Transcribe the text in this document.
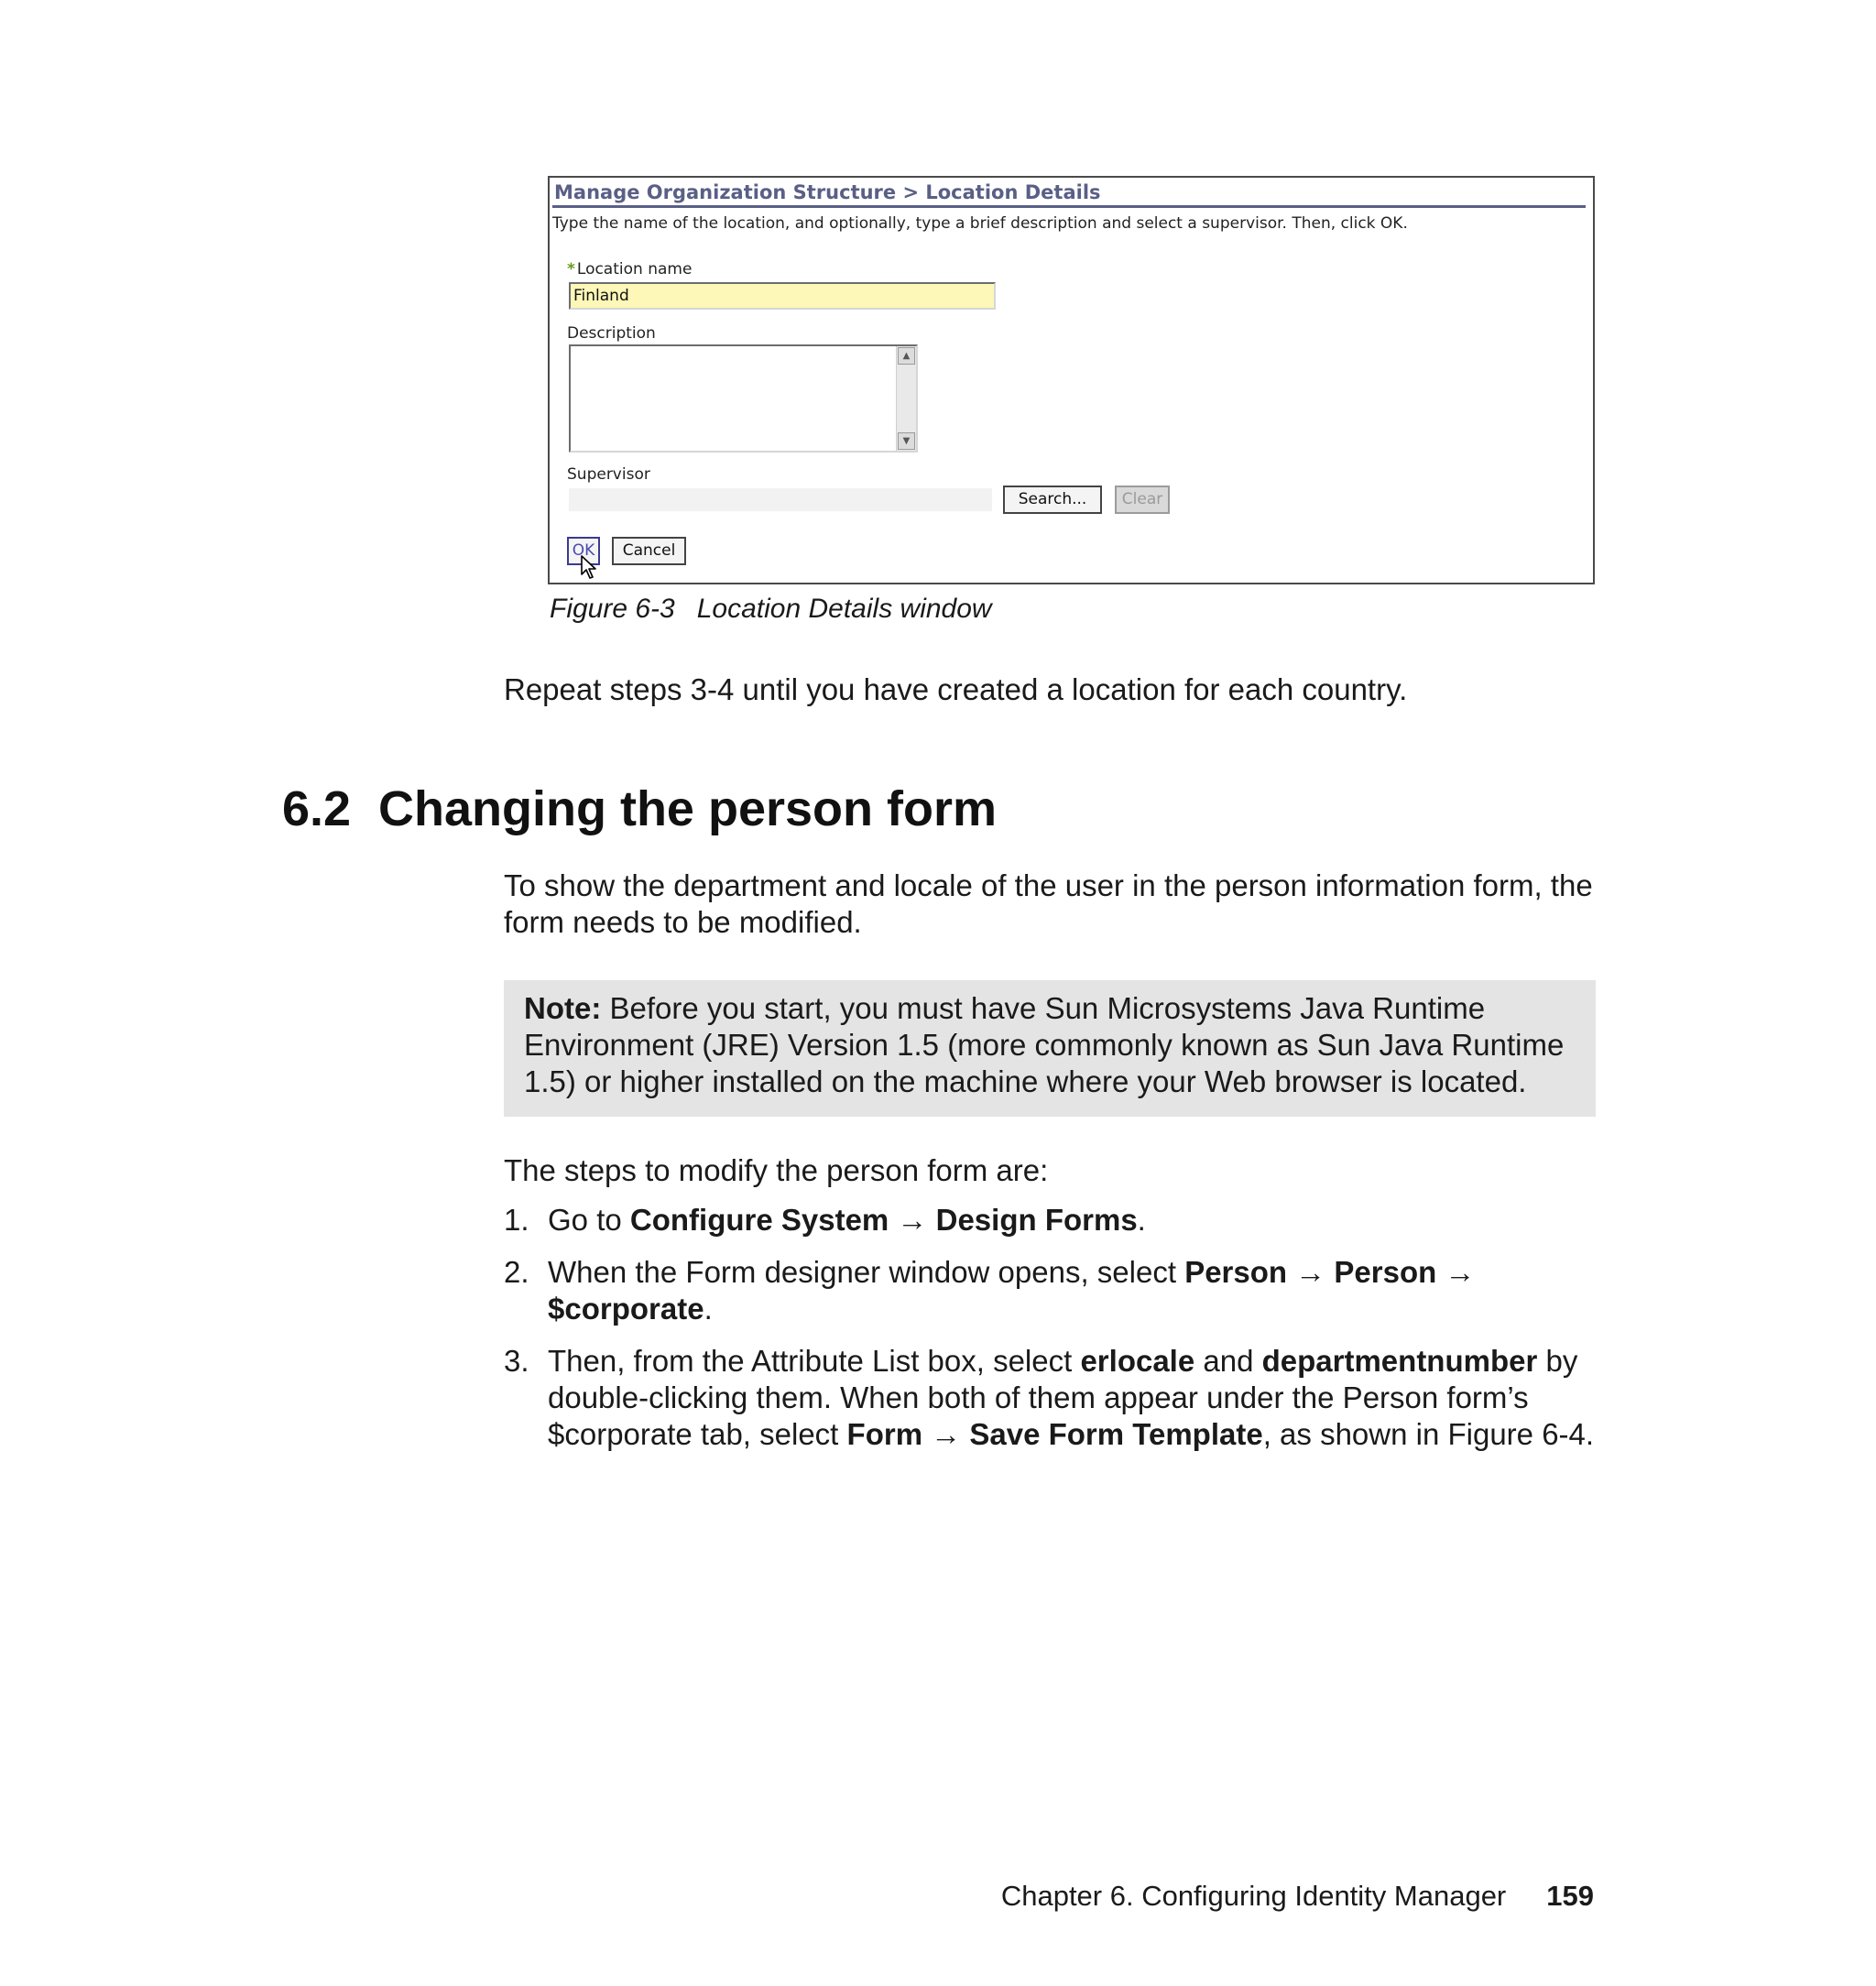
Manage Organization Structure > Location Details
Type the name of the location, and optionally, type a brief description and select a supervisor. Then, click OK.
* Location name
Finland
Description
▲
▼
Supervisor
Search...	Clear
OK	Cancel
Figure 6-3 Location Details window
Repeat steps 3-4 until you have created a location for each country.
6.2 Changing the person form
To show the department and locale of the user in the person information form, the form needs to be modified.
Note: Before you start, you must have Sun Microsystems Java Runtime Environment (JRE) Version 1.5 (more commonly known as Sun Java Runtime 1.5) or higher installed on the machine where your Web browser is located.
The steps to modify the person form are:
1. Go to Configure System → Design Forms.
2. When the Form designer window opens, select Person → Person → $corporate.
3. Then, from the Attribute List box, select erlocale and departmentnumber by double-clicking them. When both of them appear under the Person form’s $corporate tab, select Form → Save Form Template, as shown in Figure 6-4.
Chapter 6. Configuring Identity Manager 159
